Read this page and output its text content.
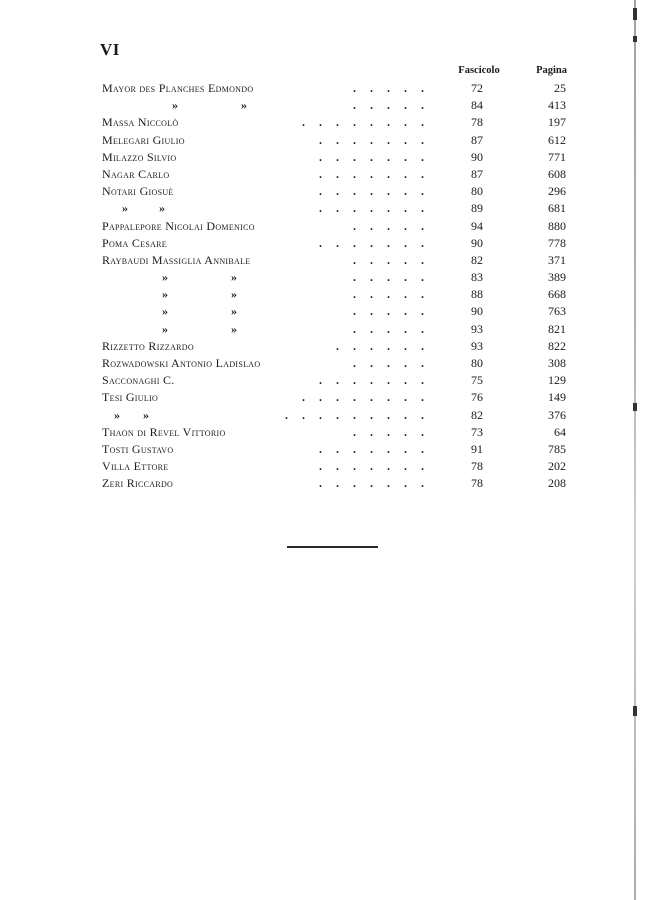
VI
Fascicolo	Pagina
Mayor des Planches Edmondo	.....	72	25
» »	.....	84	413
Massa Niccolò	........	78	197
Melegari Giulio	.......	87	612
Milazzo Silvio	.......	90	771
Nagar Carlo	.......	87	608
Notari Giosuè	.......	80	296
» »	.......	89	681
Pappalepore Nicolai Domenico	.....	94	880
Poma Cesare	.......	90	778
Raybaudi Massiglia Annibale	.....	82	371
» »	.....	83	389
» »	.....	88	668
» »	.....	90	763
» »	.....	93	821
Rizzetto Rizzardo	......	93	822
Rozwadowski Antonio Ladislao	.....	80	308
Sacconaghi C.	.......	75	129
Tesi Giulio	........	76	149
» »	.........	82	376
Thaon di Revel Vittorio	.....	73	64
Tosti Gustavo	.......	91	785
Villa Ettore	.......	78	202
Zeri Riccardo	.......	78	208
